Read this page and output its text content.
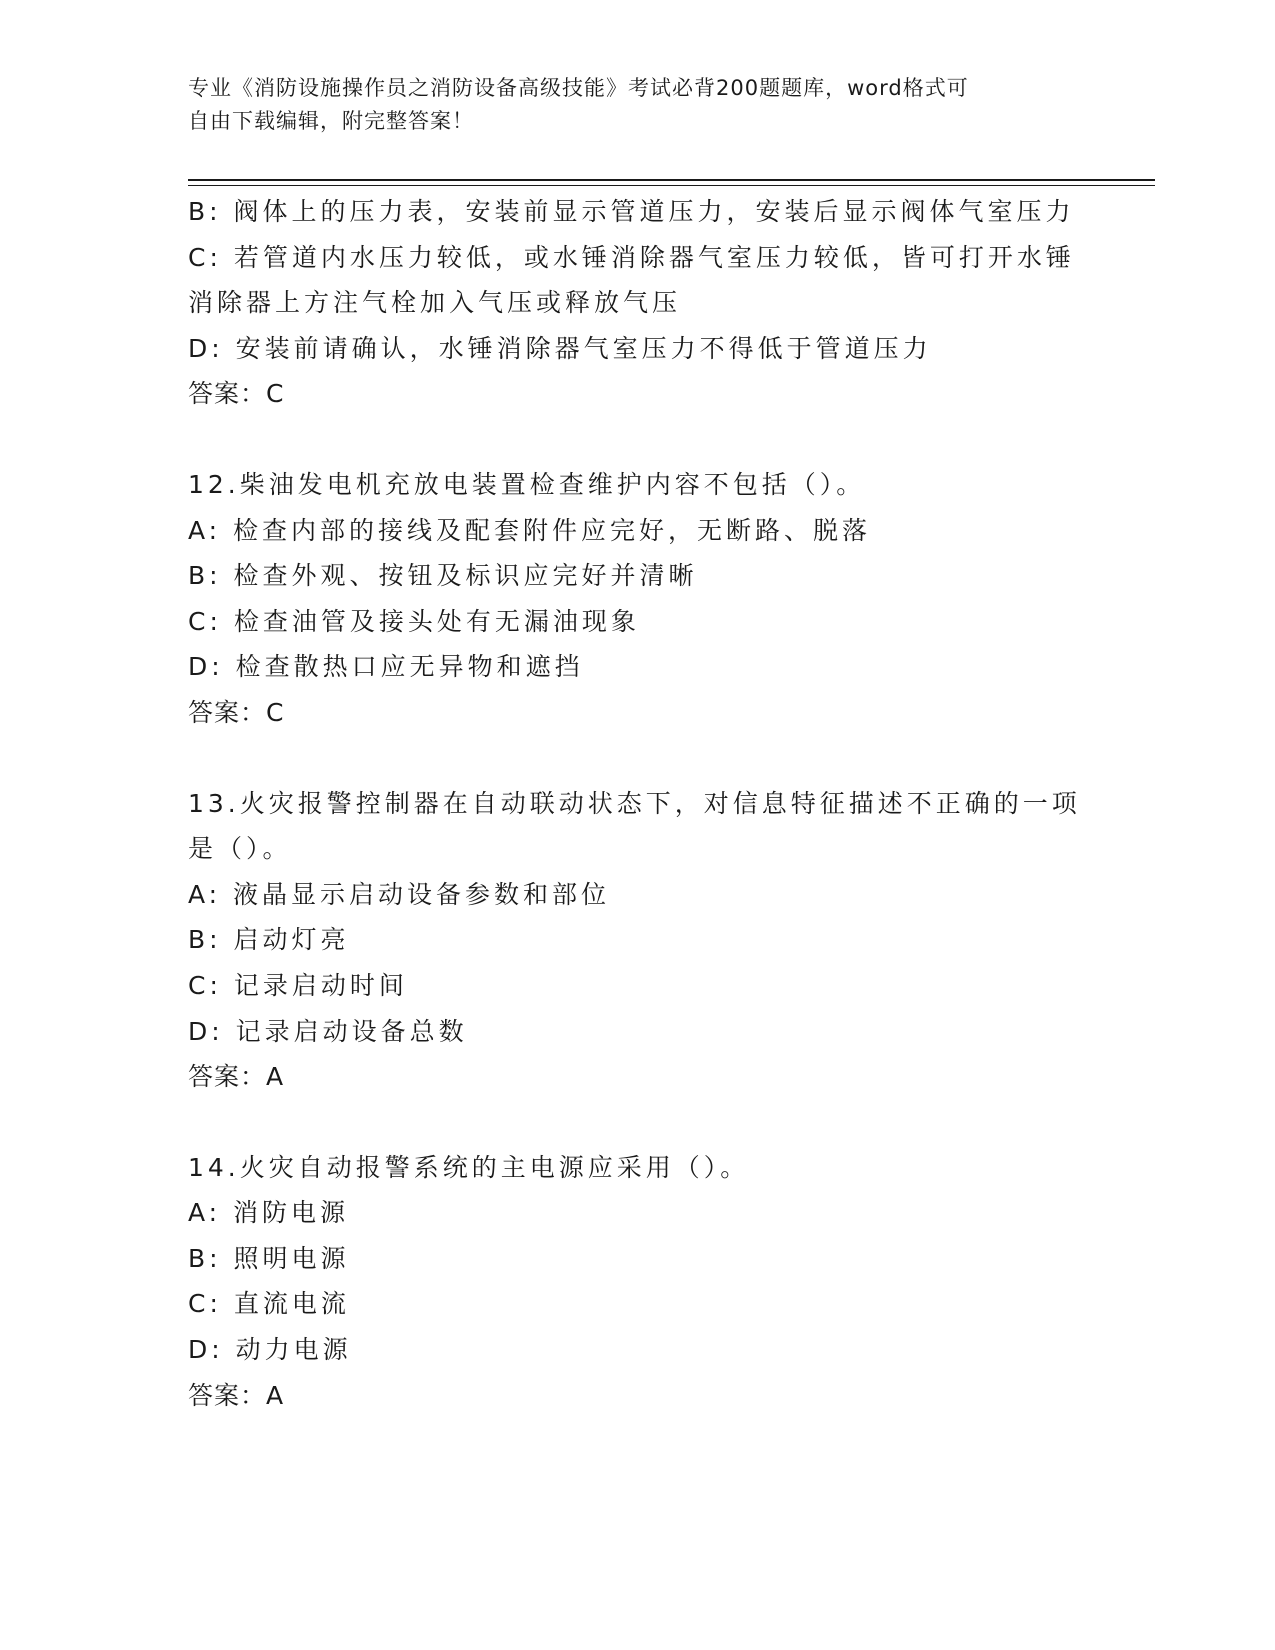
专业《消防设施操作员之消防设备高级技能》考试必背200题题库，word格式可
自由下载编辑，附完整答案！
B: 阀体上的压力表，安装前显示管道压力，安装后显示阀体气室压力
C: 若管道内水压力较低，或水锤消除器气室压力较低，皆可打开水锤
消除器上方注气栓加入气压或释放气压
D: 安装前请确认，水锤消除器气室压力不得低于管道压力
答案：C
12.柴油发电机充放电装置检查维护内容不包括（）。
A: 检查内部的接线及配套附件应完好，无断路、脱落
B: 检查外观、按钮及标识应完好并清晰
C: 检查油管及接头处有无漏油现象
D: 检查散热口应无异物和遮挡
答案：C
13.火灾报警控制器在自动联动状态下，对信息特征描述不正确的一项
是（）。
A: 液晶显示启动设备参数和部位
B: 启动灯亮
C: 记录启动时间
D: 记录启动设备总数
答案：A
14.火灾自动报警系统的主电源应采用（）。
A: 消防电源
B: 照明电源
C: 直流电流
D: 动力电源
答案：A
